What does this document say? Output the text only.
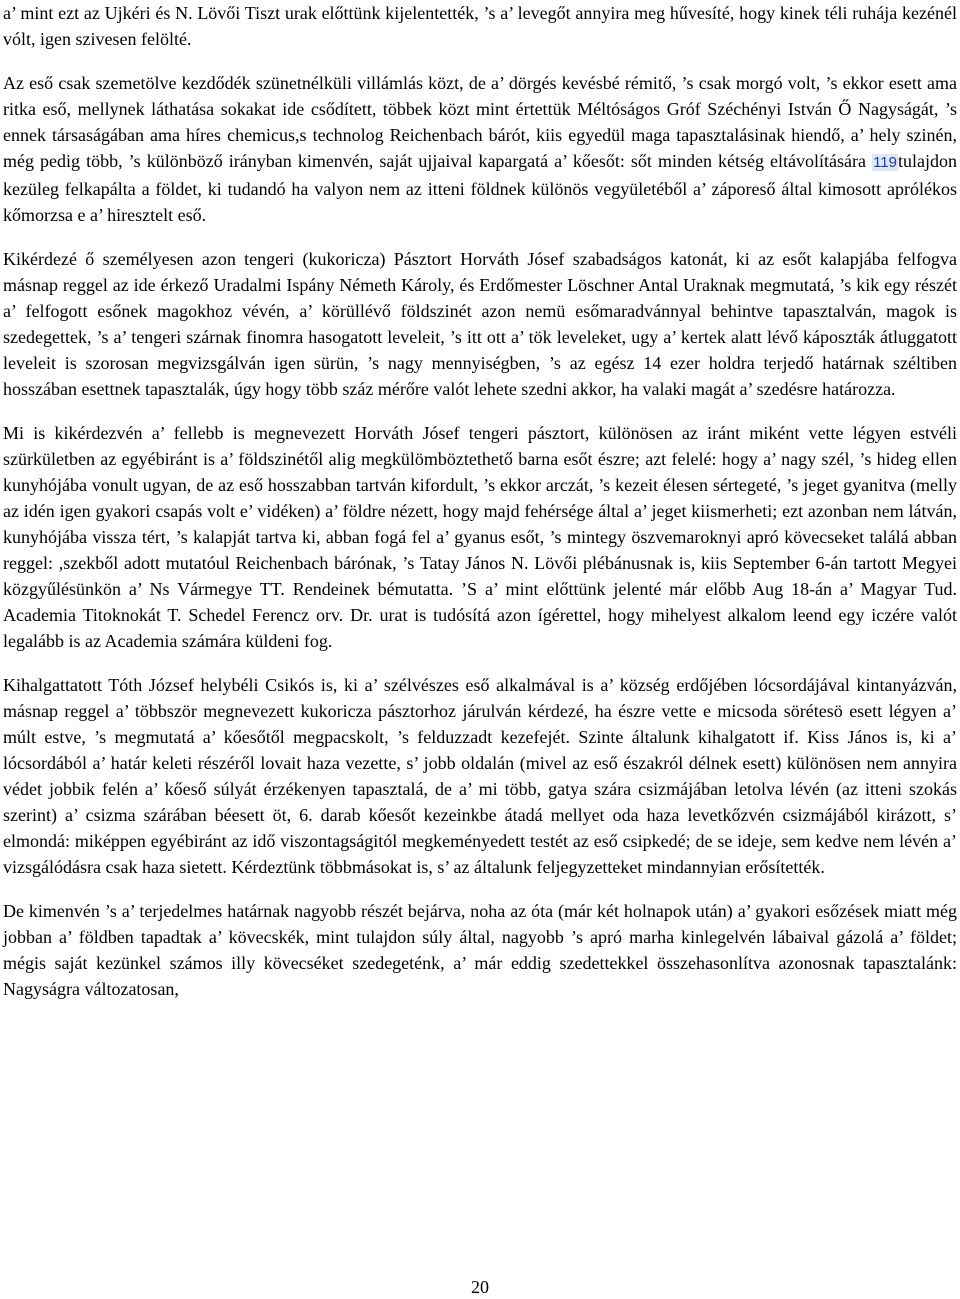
a’ mint ezt az Ujkéri és N. Lövői Tiszt urak előttünk kijelentették, ’s a’ levegőt annyira meg hűvesíté, hogy kinek téli ruhája kezénél vólt, igen szivesen felölté.

Az eső csak szemetölve kezdődék szünetnélküli villámlás közt, de a’ dörgés kevésbé rémitő, ’s csak morgó volt, ’s ekkor esett ama ritka eső, mellynek láthatása sokakat ide csődített, többek közt mint értettük Méltóságos Gróf Széchényi István Ő Nagyságát, ’s ennek társaságában ama híres chemicus,s technolog Reichenbach bárót, kiis egyedül maga tapasztalásinak hiendő, a’ hely szinén, még pedig több, ’s különböző irányban kimenvén, saját ujjaival kapargatá a’ kőesőt: sőt minden kétség eltávolítására 119tulajdon kezüleg felkapálta a földet, ki tudandó ha valyon nem az itteni földnek különös vegyületéből a’ záporeső által kimosott aprólékos kőmorzsa e a’ hiresztelt eső.

Kikérdezé ő személyesen azon tengeri (kukoricza) Pásztort Horváth Jósef szabadságos katonát, ki az esőt kalapjába felfogva másnap reggel az ide érkező Uradalmi Ispány Németh Károly, és Erdőmester Löschner Antal Uraknak megmutatá, ’s kik egy részét a’ felfogott esőnek magokhoz vévén, a’ körüllévő földszinét azon nemü esőmaradvánnyal behintve tapasztalván, magok is szedegettek, ’s a’ tengeri szárnak finomra hasogatott leveleit, ’s itt ott a’ tök leveleket, ugy a’ kertek alatt lévő káposzták átluggatott leveleit is szorosan megvizsgálván igen sürün, ’s nagy mennyiségben, ’s az egész 14 ezer holdra terjedő határnak széltiben hosszában esettnek tapasztalák, úgy hogy több száz mérőre valót lehete szedni akkor, ha valaki magát a’ szedésre határozza.

Mi is kikérdezvén a’ fellebb is megnevezett Horváth Jósef tengeri pásztort, különösen az iránt miként vette légyen estvéli szürkületben az egyébiránt is a’ földszinétől alig megkülömböztethető barna esőt észre; azt felelé: hogy a’ nagy szél, ’s hideg ellen kunyhójába vonult ugyan, de az eső hosszabban tartván kifordult, ’s ekkor arczát, ’s kezeit élesen sértegeté, ’s jeget gyanitva (melly az idén igen gyakori csapás volt e’ vidéken) a’ földre nézett, hogy majd fehérsége által a’ jeget kiismerheti; ezt azonban nem látván, kunyhójába vissza tért, ’s kalapját tartva ki, abban fogá fel a’ gyanus esőt, ’s mintegy öszvemaroknyi apró kövecseket találá abban reggel: ,szekből adott mutatóul Reichenbach bárónak, ’s Tatay János N. Lövői plébánusnak is, kiis September 6-án tartott Megyei közgyűlésünkön a’ Ns Vármegye TT. Rendeinek bémutatta. ’S a’ mint előttünk jelenté már előbb Aug 18-án a’ Magyar Tud. Academia Titoknokát T. Schedel Ferencz orv. Dr. urat is tudósítá azon ígérettel, hogy mihelyest alkalom leend egy iczére valót legalább is az Academia számára küldeni fog.

Kihalgattatott Tóth József helybéli Csikós is, ki a’ szélvészes eső alkalmával is a’ község erdőjében lócsordájával kintanyázván, másnap reggel a’ többször megnevezett kukoricza pásztorhoz járulván kérdezé, ha észre vette e micsoda sörétesö esett légyen a’ múlt estve, ’s megmutatá a’ kőesőtől megpacskolt, ’s felduzzadt kezefejét. Szinte általunk kihalgatott if. Kiss János is, ki a’ lócsordából a’ határ keleti részéről lovait haza vezette, s’ jobb oldalán (mivel az eső északról délnek esett) különösen nem annyira védet jobbik felén a’ kőeső súlyát érzékenyen tapasztalá, de a’ mi több, gatya szára csizmájában letolva lévén (az itteni szokás szerint) a’ csizma szárában béesett öt, 6. darab kőesőt kezeinkbe átadá mellyet oda haza levetkőzvén csizmájából kirázott, s’ elmondá: miképpen egyébiránt az idő viszontagságitól megkeményedett testét az eső csipkedé; de se ideje, sem kedve nem lévén a’ vizsgálódásra csak haza sietett. Kérdeztünk többmásokat is, s’ az általunk feljegyzetteket mindannyian erősítették.

De kimenvén ’s a’ terjedelmes határnak nagyobb részét bejárva, noha az óta (már két holnapok után) a’ gyakori esőzések miatt még jobban a’ földben tapadtak a’ kövecskék, mint tulajdon súly által, nagyobb ’s apró marha kinlegelvén lábaival gázolá a’ földet; mégis saját kezünkel számos illy kövecséket szedegeténk, a’ már eddig szedettekkel összehasonlítva azonosnak tapasztalánk: Nagyságra változatosan,

20
